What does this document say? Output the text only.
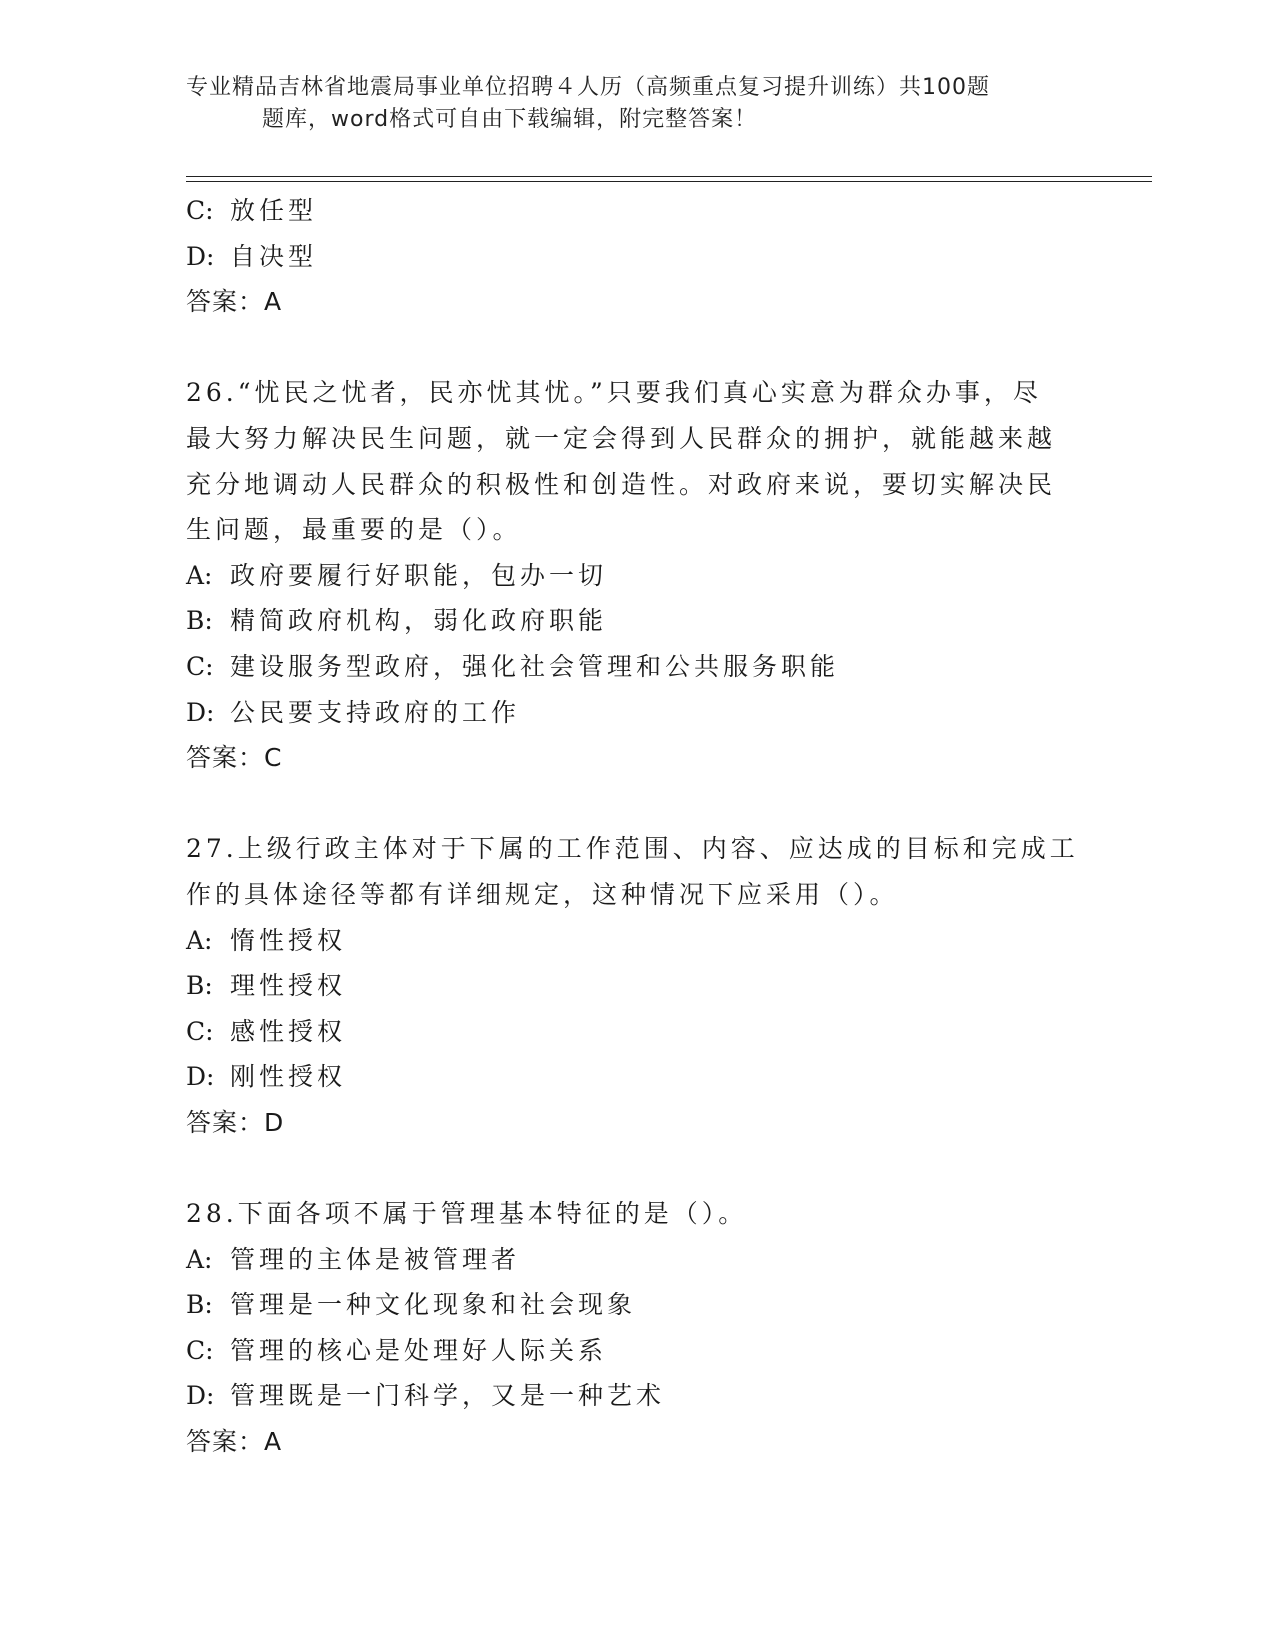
专业精品吉林省地震局事业单位招聘４人历（高频重点复习提升训练）共100题
题库，word格式可自由下载编辑，附完整答案！
C: 放任型
D: 自决型
答案：A
26.“忧民之忧者，民亦忧其忧。”只要我们真心实意为群众办事，尽
最大努力解决民生问题，就一定会得到人民群众的拥护，就能越来越
充分地调动人民群众的积极性和创造性。对政府来说，要切实解决民
生问题，最重要的是（）。
A: 政府要履行好职能，包办一切
B: 精简政府机构，弱化政府职能
C: 建设服务型政府，强化社会管理和公共服务职能
D: 公民要支持政府的工作
答案：C
27.上级行政主体对于下属的工作范围、内容、应达成的目标和完成工
作的具体途径等都有详细规定，这种情况下应采用（）。
A: 惰性授权
B: 理性授权
C: 感性授权
D: 刚性授权
答案：D
28.下面各项不属于管理基本特征的是（）。
A: 管理的主体是被管理者
B: 管理是一种文化现象和社会现象
C: 管理的核心是处理好人际关系
D: 管理既是一门科学，又是一种艺术
答案：A
